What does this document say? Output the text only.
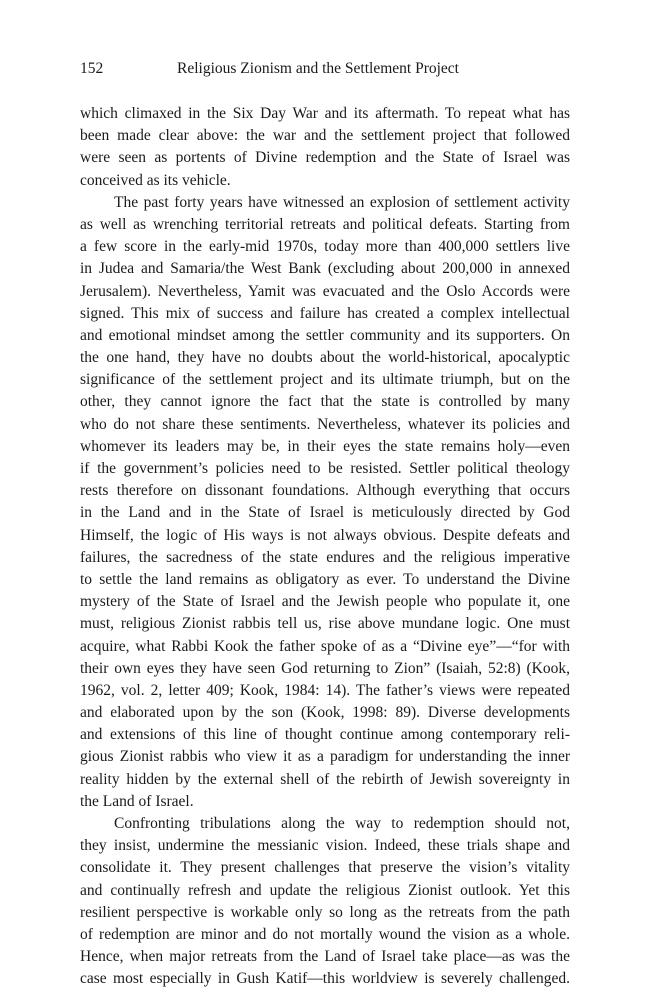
152	Religious Zionism and the Settlement Project
which climaxed in the Six Day War and its aftermath. To repeat what has
been made clear above: the war and the settlement project that followed
were seen as portents of Divine redemption and the State of Israel was
conceived as its vehicle.
The past forty years have witnessed an explosion of settlement activity
as well as wrenching territorial retreats and political defeats. Starting from
a few score in the early-mid 1970s, today more than 400,000 settlers live
in Judea and Samaria/the West Bank (excluding about 200,000 in annexed
Jerusalem). Nevertheless, Yamit was evacuated and the Oslo Accords were
signed. This mix of success and failure has created a complex intellectual
and emotional mindset among the settler community and its supporters. On
the one hand, they have no doubts about the world-historical, apocalyptic
significance of the settlement project and its ultimate triumph, but on the
other, they cannot ignore the fact that the state is controlled by many
who do not share these sentiments. Nevertheless, whatever its policies and
whomever its leaders may be, in their eyes the state remains holy—even
if the government’s policies need to be resisted. Settler political theology
rests therefore on dissonant foundations. Although everything that occurs
in the Land and in the State of Israel is meticulously directed by God
Himself, the logic of His ways is not always obvious. Despite defeats and
failures, the sacredness of the state endures and the religious imperative
to settle the land remains as obligatory as ever. To understand the Divine
mystery of the State of Israel and the Jewish people who populate it, one
must, religious Zionist rabbis tell us, rise above mundane logic. One must
acquire, what Rabbi Kook the father spoke of as a “Divine eye”—“for with
their own eyes they have seen God returning to Zion” (Isaiah, 52:8) (Kook,
1962, vol. 2, letter 409; Kook, 1984: 14). The father’s views were repeated
and elaborated upon by the son (Kook, 1998: 89). Diverse developments
and extensions of this line of thought continue among contemporary reli-
gious Zionist rabbis who view it as a paradigm for understanding the inner
reality hidden by the external shell of the rebirth of Jewish sovereignty in
the Land of Israel.
Confronting tribulations along the way to redemption should not,
they insist, undermine the messianic vision. Indeed, these trials shape and
consolidate it. They present challenges that preserve the vision’s vitality
and continually refresh and update the religious Zionist outlook. Yet this
resilient perspective is workable only so long as the retreats from the path
of redemption are minor and do not mortally wound the vision as a whole.
Hence, when major retreats from the Land of Israel take place—as was the
case most especially in Gush Katif—this worldview is severely challenged.
